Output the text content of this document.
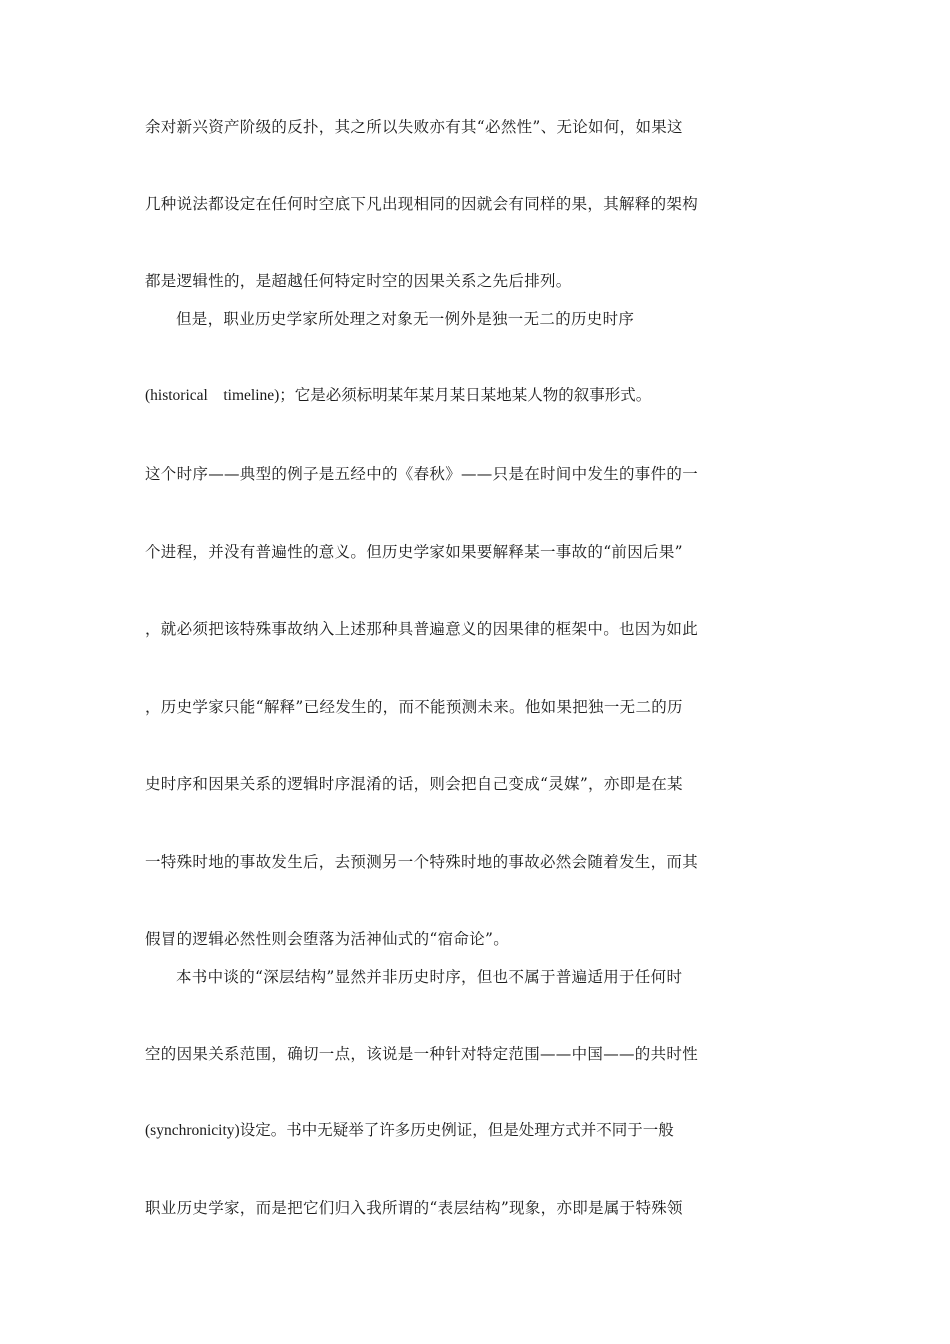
余对新兴资产阶级的反扑，其之所以失败亦有其“必然性”、无论如何，如果这
几种说法都设定在任何时空底下凡出现相同的因就会有同样的果，其解释的架构
都是逻辑性的，是超越任何特定时空的因果关系之先后排列。
但是，职业历史学家所处理之对象无一例外是独一无二的历史时序
(historical    timeline)；它是必须标明某年某月某日某地某人物的叙事形式。
这个时序——典型的例子是五经中的《春秋》——只是在时间中发生的事件的一
个进程，并没有普遍性的意义。但历史学家如果要解释某一事故的“前因后果”
，就必须把该特殊事故纳入上述那种具普遍意义的因果律的框架中。也因为如此
，历史学家只能“解释”已经发生的，而不能预测未来。他如果把独一无二的历
史时序和因果关系的逻辑时序混淆的话，则会把自己变成“灵媒”，亦即是在某
一特殊时地的事故发生后，去预测另一个特殊时地的事故必然会随着发生，而其
假冒的逻辑必然性则会堕落为活神仙式的“宿命论”。
本书中谈的“深层结构”显然并非历史时序，但也不属于普遍适用于任何时
空的因果关系范围，确切一点，该说是一种针对特定范围——中国——的共时性
(synchronicity)设定。书中无疑举了许多历史例证，但是处理方式并不同于一般
职业历史学家，而是把它们归入我所谓的“表层结构”现象，亦即是属于特殊领
